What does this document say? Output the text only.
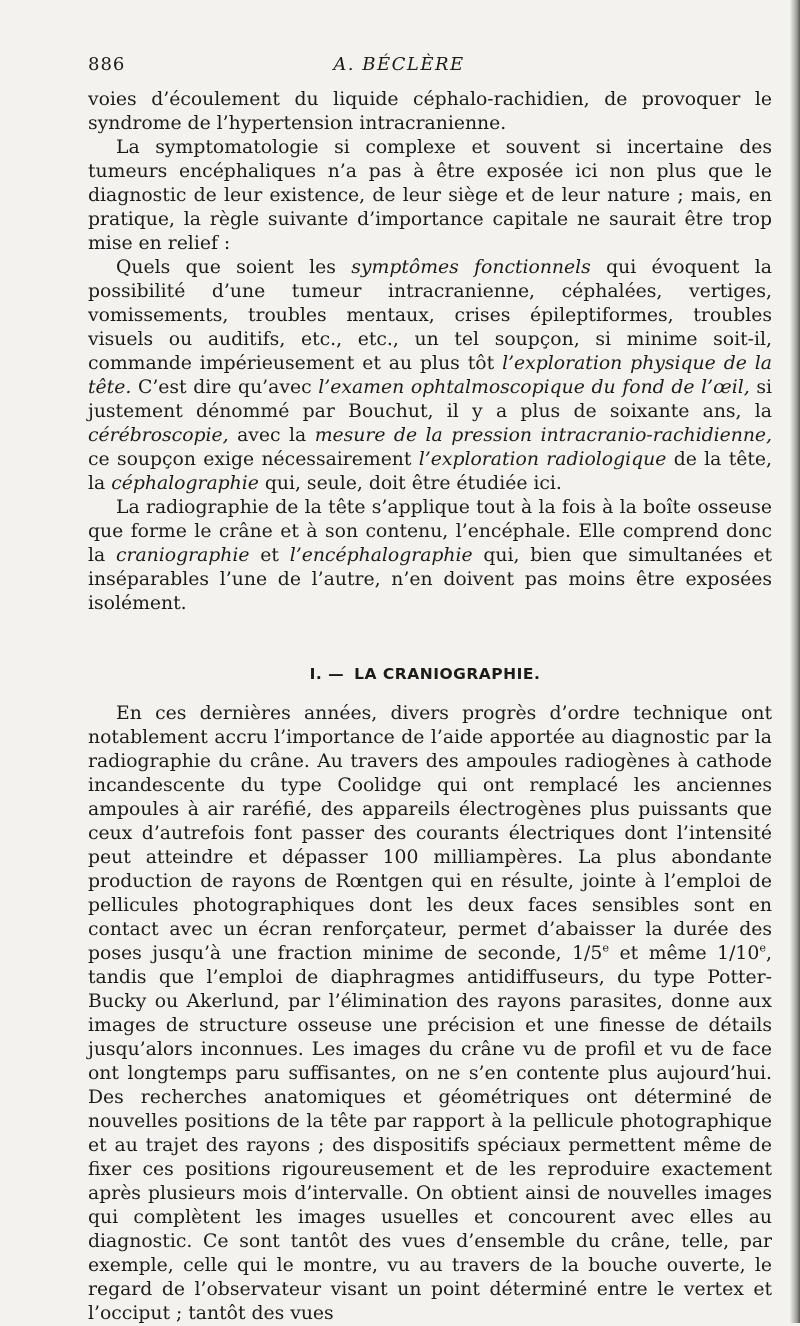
886	A. BÉCLÈRE

voies d’écoulement du liquide céphalo-rachidien, de provoquer le syndrome de l’hypertension intracranienne.

La symptomatologie si complexe et souvent si incertaine des tumeurs encéphaliques n’a pas à être exposée ici non plus que le diagnostic de leur existence, de leur siège et de leur nature ; mais, en pratique, la règle suivante d’importance capitale ne saurait être trop mise en relief :

Quels que soient les symptômes fonctionnels qui évoquent la possibilité d’une tumeur intracranienne, céphalées, vertiges, vomissements, troubles mentaux, crises épileptiformes, troubles visuels ou auditifs, etc., etc., un tel soupçon, si minime soit-il, commande impérieusement et au plus tôt l’exploration physique de la tête. C’est dire qu’avec l’examen ophtalmoscopique du fond de l’œil, si justement dénommé par Bouchut, il y a plus de soixante ans, la cérébroscopie, avec la mesure de la pression intracranio-rachidienne, ce soupçon exige nécessairement l’exploration radiologique de la tête, la céphalographie qui, seule, doit être étudiée ici.

La radiographie de la tête s’applique tout à la fois à la boîte osseuse que forme le crâne et à son contenu, l’encéphale. Elle comprend donc la craniographie et l’encéphalographie qui, bien que simultanées et inséparables l’une de l’autre, n’en doivent pas moins être exposées isolément.

I. — LA CRANIOGRAPHIE.

En ces dernières années, divers progrès d’ordre technique ont notablement accru l’importance de l’aide apportée au diagnostic par la radiographie du crâne. Au travers des ampoules radiogènes à cathode incandescente du type Coolidge qui ont remplacé les anciennes ampoules à air raréfié, des appareils électrogènes plus puissants que ceux d’autrefois font passer des courants électriques dont l’intensité peut atteindre et dépasser 100 milliampères. La plus abondante production de rayons de Rœntgen qui en résulte, jointe à l’emploi de pellicules photographiques dont les deux faces sensibles sont en contact avec un écran renforçateur, permet d’abaisser la durée des poses jusqu’à une fraction minime de seconde, 1/5e et même 1/10e, tandis que l’emploi de diaphragmes antidiffuseurs, du type Potter-Bucky ou Akerlund, par l’élimination des rayons parasites, donne aux images de structure osseuse une précision et une finesse de détails jusqu’alors inconnues. Les images du crâne vu de profil et vu de face ont longtemps paru suffisantes, on ne s’en contente plus aujourd’hui. Des recherches anatomiques et géométriques ont déterminé de nouvelles positions de la tête par rapport à la pellicule photographique et au trajet des rayons ; des dispositifs spéciaux permettent même de fixer ces positions rigoureusement et de les reproduire exactement après plusieurs mois d’intervalle. On obtient ainsi de nouvelles images qui complètent les images usuelles et concourent avec elles au diagnostic. Ce sont tantôt des vues d’ensemble du crâne, telle, par exemple, celle qui le montre, vu au travers de la bouche ouverte, le regard de l’observateur visant un point déterminé entre le vertex et l’occiput ; tantôt des vues
